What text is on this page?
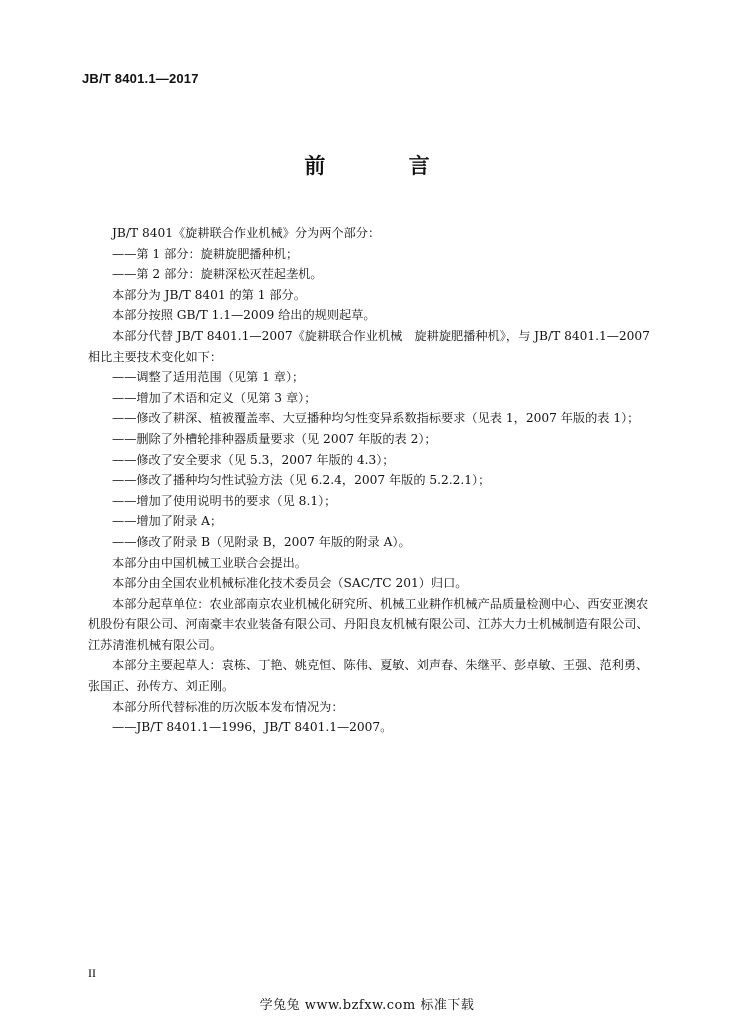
JB/T 8401.1—2017
前 言

JB/T 8401《旋耕联合作业机械》分为两个部分：

——第 1 部分：旋耕旋肥播种机；

——第 2 部分：旋耕深松灭茬起垄机。

本部分为 JB/T 8401 的第 1 部分。

本部分按照 GB/T 1.1—2009 给出的规则起草。

本部分代替 JB/T 8401.1—2007《旋耕联合作业机械　旋耕旋肥播种机》，与 JB/T 8401.1—2007 相比主要技术变化如下：

——调整了适用范围（见第 1 章）；

——增加了术语和定义（见第 3 章）；

——修改了耕深、植被覆盖率、大豆播种均匀性变异系数指标要求（见表 1，2007 年版的表 1）；

——删除了外槽轮排种器质量要求（见 2007 年版的表 2）；

——修改了安全要求（见 5.3，2007 年版的 4.3）；

——修改了播种均匀性试验方法（见 6.2.4，2007 年版的 5.2.2.1）；

——增加了使用说明书的要求（见 8.1）；

——增加了附录 A；

——修改了附录 B（见附录 B，2007 年版的附录 A）。

本部分由中国机械工业联合会提出。

本部分由全国农业机械标准化技术委员会（SAC/TC 201）归口。

本部分起草单位：农业部南京农业机械化研究所、机械工业耕作机械产品质量检测中心、西安亚澳农机股份有限公司、河南豪丰农业装备有限公司、丹阳良友机械有限公司、江苏大力士机械制造有限公司、江苏清淮机械有限公司。

本部分主要起草人：袁栋、丁艳、姚克恒、陈伟、夏敏、刘声春、朱继平、彭卓敏、王强、范利勇、张国正、孙传方、刘正刚。

本部分所代替标准的历次版本发布情况为：

——JB/T 8401.1—1996，JB/T 8401.1—2007。

II
学兔兔 www.bzfxw.com 标准下载
